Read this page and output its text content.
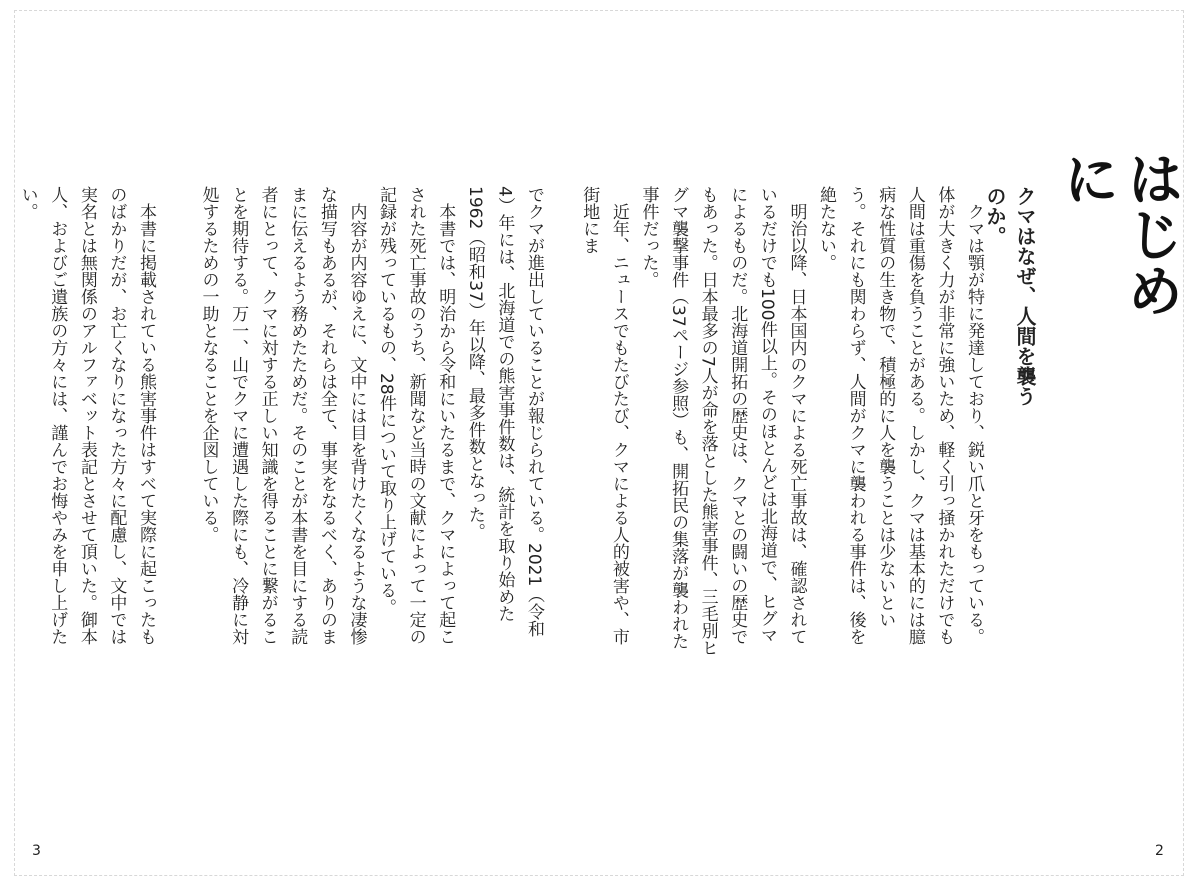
はじめに
クマはなぜ、人間を襲うのか。

クマは顎が特に発達しており、鋭い爪と牙をもっている。体が大きく力が非常に強いため、軽く引っ掻かれただけでも人間は重傷を負うことがある。しかし、クマは基本的には臆病な性質の生き物で、積極的に人を襲うことは少ないという。それにも関わらず、人間がクマに襲われる事件は、後を絶たない。

明治以降、日本国内のクマによる死亡事故は、確認されているだけでも100件以上。そのほとんどは北海道で、ヒグマによるものだ。北海道開拓の歴史は、クマとの闘いの歴史でもあった。日本最多の7人が命を落とした熊害事件、三毛別ヒグマ襲撃事件（37ページ参照）も、開拓民の集落が襲われた事件だった。

近年、ニュースでもたびたび、クマによる人的被害や、市街地にま

でクマが進出していることが報じられている。2021（令和4）年には、北海道での熊害事件数は、統計を取り始めた1962（昭和37）年以降、最多件数となった。

本書では、明治から令和にいたるまで、クマによって起こされた死亡事故のうち、新聞など当時の文献によって一定の記録が残っているもの、28件について取り上げている。

内容が内容ゆえに、文中には目を背けたくなるような凄惨な描写もあるが、それらは全て、事実をなるべく、ありのままに伝えるよう務めたためだ。そのことが本書を目にする読者にとって、クマに対する正しい知識を得ることに繋がることを期待する。万一、山でクマに遭遇した際にも、冷静に対処するための一助となることを企図している。

本書に掲載されている熊害事件はすべて実際に起こったものばかりだが、お亡くなりになった方々に配慮し、文中では実名とは無関係のアルファベット表記とさせて頂いた。御本人、およびご遺族の方々には、謹んでお悔やみを申し上げたい。

3	2
